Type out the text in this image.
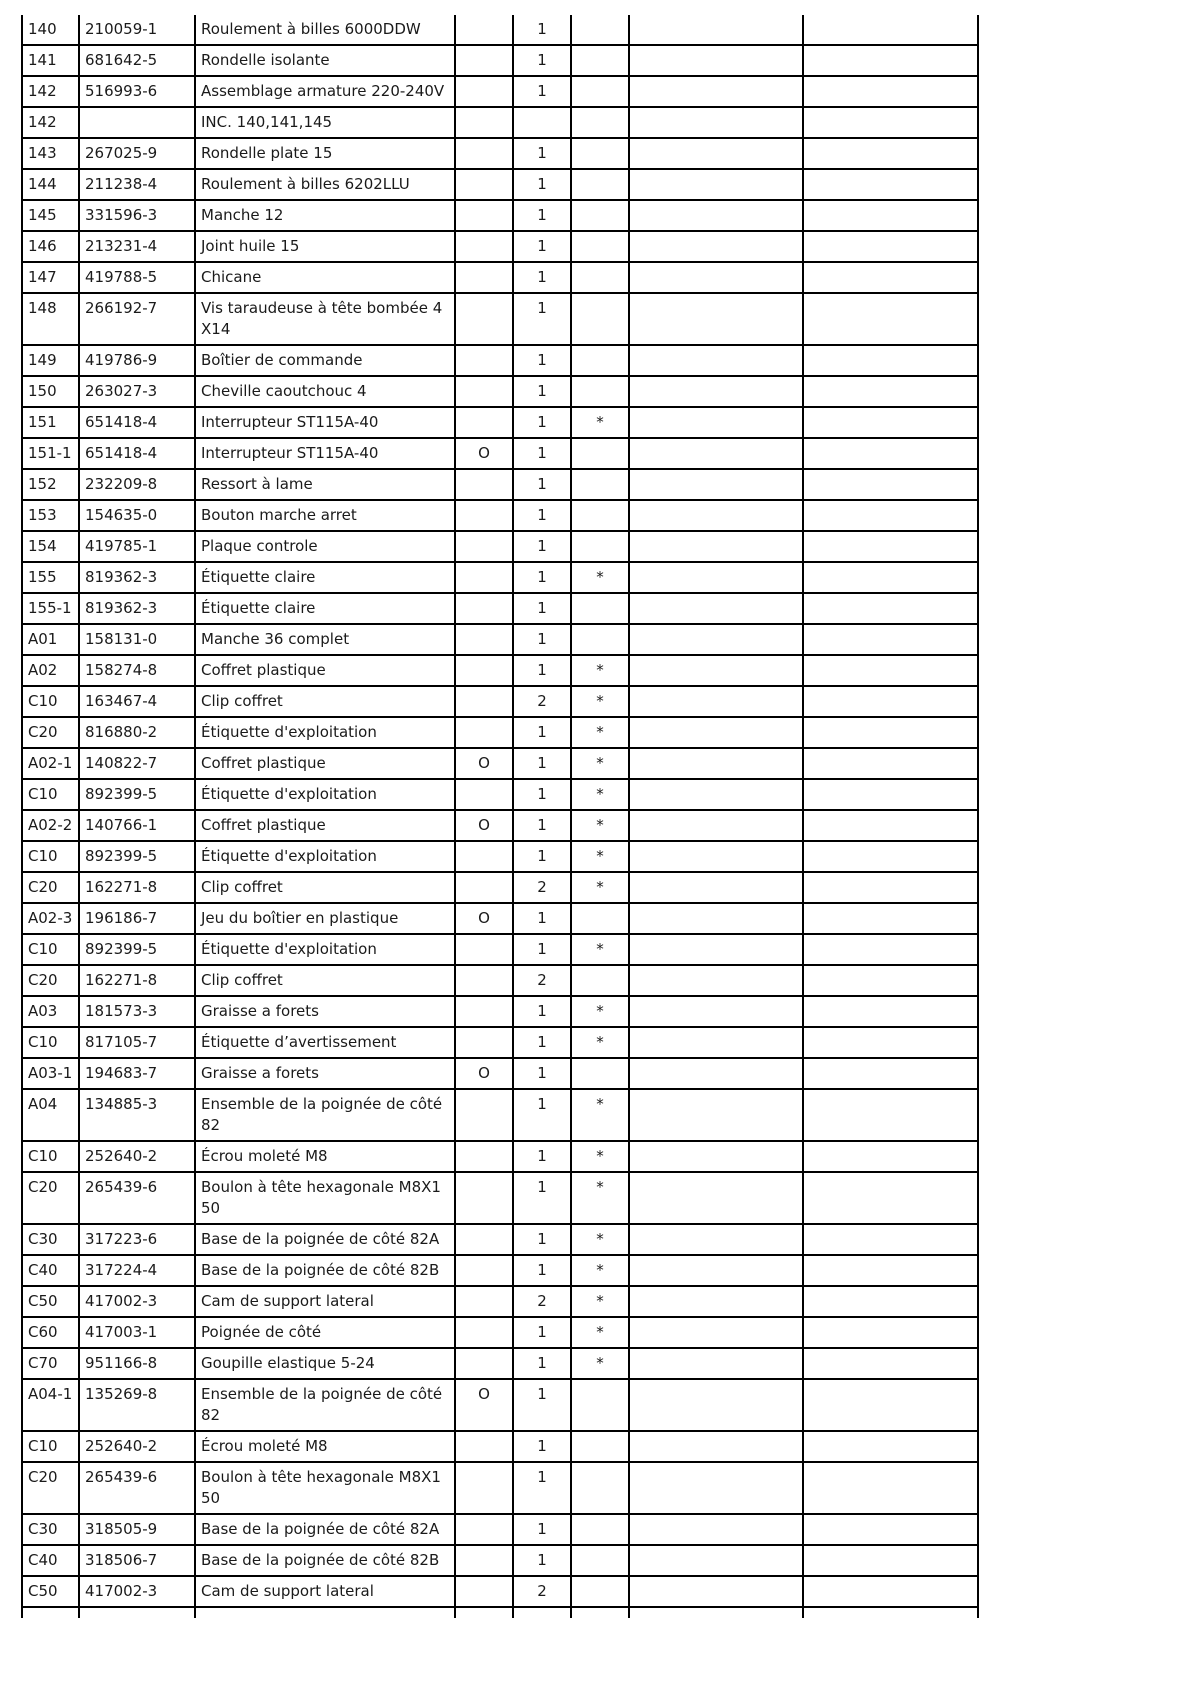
140	210059-1	Roulement à billes 6000DDW		1			
141	681642-5	Rondelle isolante		1			
142	516993-6	Assemblage armature 220-240V		1			
142		INC. 140,141,145					
143	267025-9	Rondelle plate 15		1			
144	211238-4	Roulement à billes 6202LLU		1			
145	331596-3	Manche 12		1			
146	213231-4	Joint huile 15		1			
147	419788-5	Chicane		1			
148	266192-7	Vis taraudeuse à tête bombée 4X14		1			
149	419786-9	Boîtier de commande		1			
150	263027-3	Cheville caoutchouc 4		1			
151	651418-4	Interrupteur ST115A-40		1	*		
151-1	651418-4	Interrupteur ST115A-40	O	1			
152	232209-8	Ressort à lame		1			
153	154635-0	Bouton marche arret		1			
154	419785-1	Plaque controle		1			
155	819362-3	Étiquette claire		1	*		
155-1	819362-3	Étiquette claire		1			
A01	158131-0	Manche 36 complet		1			
A02	158274-8	Coffret plastique		1	*		
C10	163467-4	Clip coffret		2	*		
C20	816880-2	Étiquette d'exploitation		1	*		
A02-1	140822-7	Coffret plastique	O	1	*		
C10	892399-5	Étiquette d'exploitation		1	*		
A02-2	140766-1	Coffret plastique	O	1	*		
C10	892399-5	Étiquette d'exploitation		1	*		
C20	162271-8	Clip coffret		2	*		
A02-3	196186-7	Jeu du boîtier en plastique	O	1			
C10	892399-5	Étiquette d'exploitation		1	*		
C20	162271-8	Clip coffret		2			
A03	181573-3	Graisse a forets		1	*		
C10	817105-7	Étiquette d’avertissement		1	*		
A03-1	194683-7	Graisse a forets	O	1			
A04	134885-3	Ensemble de la poignée de côté 82		1	*		
C10	252640-2	Écrou moleté M8		1	*		
C20	265439-6	Boulon à tête hexagonale M8X150		1	*		
C30	317223-6	Base de la poignée de côté 82A		1	*		
C40	317224-4	Base de la poignée de côté 82B		1	*		
C50	417002-3	Cam de support lateral		2	*		
C60	417003-1	Poignée de côté		1	*		
C70	951166-8	Goupille elastique 5-24		1	*		
A04-1	135269-8	Ensemble de la poignée de côté 82	O	1			
C10	252640-2	Écrou moleté M8		1			
C20	265439-6	Boulon à tête hexagonale M8X150		1			
C30	318505-9	Base de la poignée de côté 82A		1			
C40	318506-7	Base de la poignée de côté 82B		1			
C50	417002-3	Cam de support lateral		2			
